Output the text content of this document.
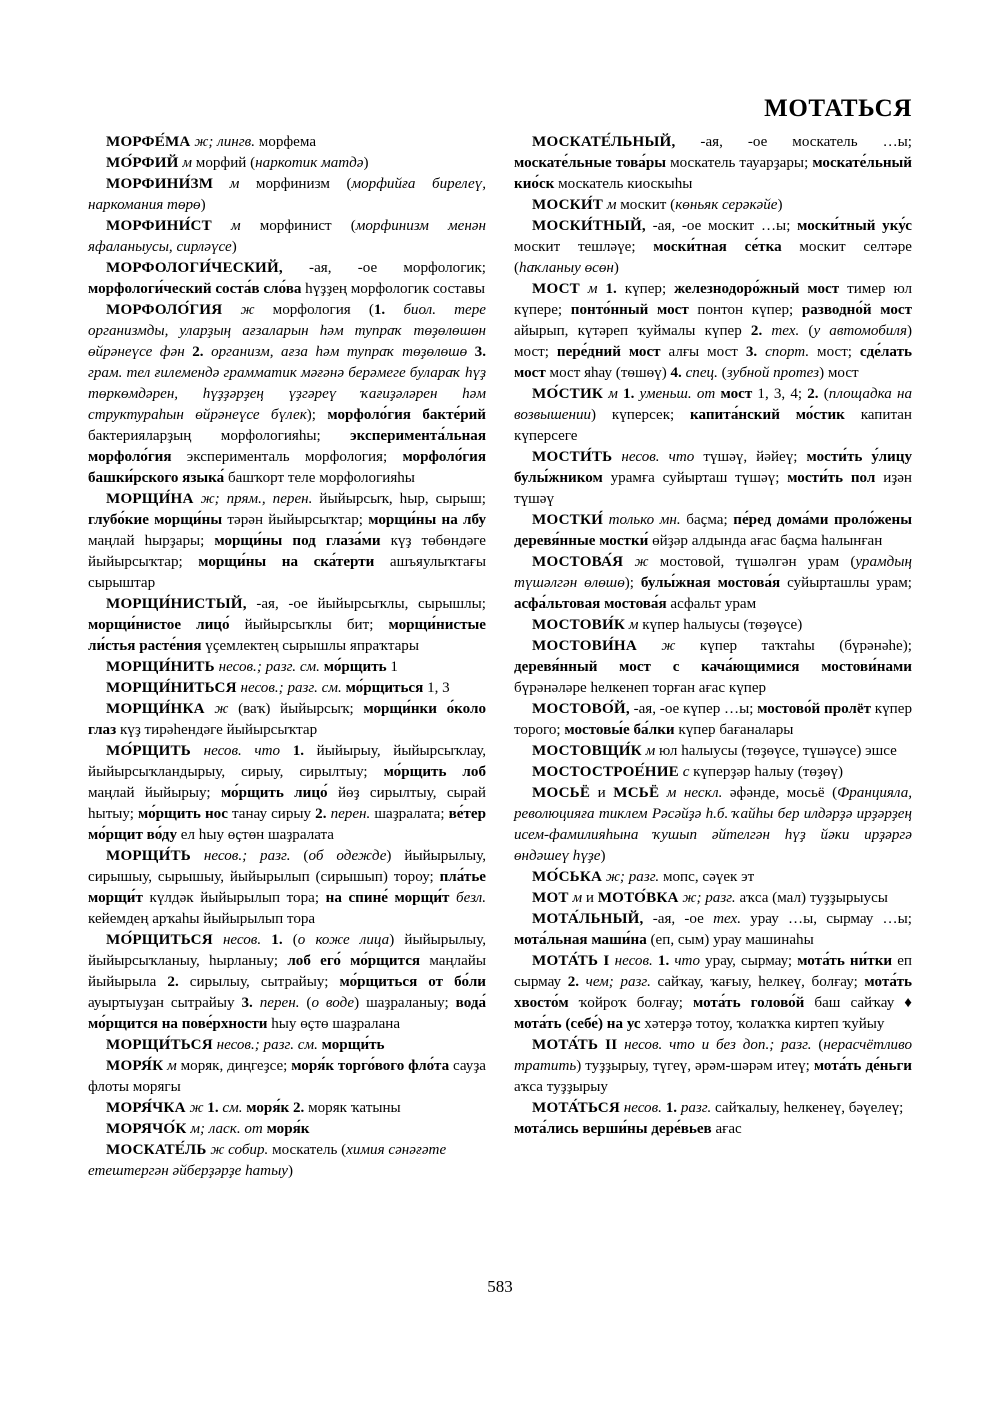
МОТАТЬСЯ

МОРФЕ́МА ж; лингв. морфема

МО́РФИЙ м морфий (наркотик матдә)

МОРФИНИ́ЗМ м морфинизм (морфийға бирелеү, наркомания төрө)

МОРФИНИ́СТ м морфинист (морфинизм менән яфаланыусы, сирләүсе)

МОРФОЛОГИ́ЧЕСКИЙ, -ая, -ое морфологик; морфологи́ческий соста́в сло́ва һүҙҙең морфологик составы

МОРФОЛО́ГИЯ ж морфология (1. биол. тере организмды, уларҙың ағзаларын һәм тупраҡ төҙөлөшөн өйрәнеүсе фән 2. организм, ағза һәм тупраҡ төҙөлөшө 3. грам. тел ғилемендә грамматик мәғәнә берәмеге булараҡ һүҙ төркөмдәрен, һүҙҙәрҙең үҙгәреү ҡағиҙәләрен һәм структураһын өйрәнеүсе бүлек); морфоло́гия бакте́рий бактерияларҙың морфологияһы; эксперимента́льная морфоло́гия эксперименталь морфология; морфоло́гия башки́рского языка́ башҡорт теле морфологияһы

МОРЩИ́НА ж; прям., перен. йыйырсыҡ, һыр, сырыш; глубо́кие морщи́ны тәрән йыйырсыҡтар; морщи́ны на лбу маңлай һырҙары; морщи́ны под глаза́ми күҙ төбөндәге йыйырсыҡтар; морщи́ны на ска́терти ашъяулыҡтағы сырыштар

МОРЩИ́НИСТЫЙ, -ая, -ое йыйырсыҡлы, сырышлы; морщи́нистое лицо́ йыйырсыҡлы бит; морщи́нистые ли́стья расте́ния үҫемлектең сырышлы япраҡтары

МОРЩИ́НИТЬ несов.; разг. см. мо́рщить 1

МОРЩИ́НИТЬСЯ несов.; разг. см. мо́рщиться 1, 3

МОРЩИ́НКА ж (ваҡ) йыйырсыҡ; морщи́нки о́коло глаз күҙ тирәһендәге йыйырсыҡтар

МО́РЩИТЬ несов. что 1. йыйырыу, йыйырсыҡлау, йыйырсыҡландырыу, сирыу, сирылтыу; мо́рщить лоб маңлай йыйырыу; мо́рщить лицо́ йөҙ сирылтыу, сырай һытыу; мо́рщить нос танау сирыу 2. перен. шаҙралата; ве́тер мо́рщит во́ду ел һыу өҫтөн шаҙралата

МОРЩИ́ТЬ несов.; разг. (об одежде) йыйырылыу, сирышыу, сырышыу, йыйырылып (сирышып) тороу; пла́тье морщи́т күлдәк йыйырылып тора; на спине́ морщи́т безл. кейемдең арҡаһы йыйырылып тора

МО́РЩИТЬСЯ несов. 1. (о коже лица) йыйырылыу, йыйырсыҡланыу, һырланыу; лоб его́ мо́рщится маңлайы йыйырыла 2. сирылыу, сытрайыу; мо́рщиться от бо́ли ауыртыуҙан сытрайыу 3. перен. (о воде) шаҙраланыу; вода́ мо́рщится на пове́рхности һыу өҫтө шаҙралана

МОРЩИ́ТЬСЯ несов.; разг. см. морщи́ть

МОРЯ́К м моряк, диңгеҙсе; моря́к торго́вого фло́та сауҙа флоты морягы

МОРЯ́ЧКА ж 1. см. моря́к 2. моряк ҡатыны

МОРЯЧО́К м; ласк. от моря́к

МОСКАТЕ́ЛЬ ж собир. москатель (химия сәнәғәте етештергән әйберҙәрҙе һатыу)

МОСКАТЕ́ЛЬНЫЙ, -ая, -ое москатель …ы; москате́льные това́ры москатель тауарҙары; москате́льный кио́ск москатель киоскыһы

МОСКИ́Т м москит (көньяк серәкәйе)

МОСКИ́ТНЫЙ, -ая, -ое москит …ы; моски́тный уку́с москит тешләүе; моски́тная се́тка москит селтәре (һаҡланыу өсөн)

МОСТ м 1. күпер; железнодоро́жный мост тимер юл күпере; понто́нный мост понтон күпер; разводно́й мост айырып, күтәреп ҡуймалы күпер 2. тех. (у автомобиля) мост; пере́дний мост алғы мост 3. спорт. мост; сде́лать мост мост яһау (төшөү) 4. спец. (зубной протез) мост

МО́СТИК м 1. уменьш. от мост 1, 3, 4; 2. (площадка на возвышении) күперсек; капита́нский мо́стик капитан күперсеге

МОСТИ́ТЬ несов. что түшәү, йәйеү; мости́ть у́лицу булы́жником урамға суйырташ түшәү; мости́ть пол иҙән түшәү

МОСТКИ́ только мн. баҫма; пе́ред дома́ми проло́жены деревя́нные мостки́ өйҙәр алдында ағас баҫма һалынған

МОСТОВА́Я ж мостовой, түшәлгән урам (урамдың түшәлгән өлөшө); булы́жная мостова́я суйырташлы урам; асфа́льтовая мостова́я асфальт урам

МОСТОВИ́К м күпер һалыусы (төҙөүсе)

МОСТОВИ́НА ж күпер таҡтаһы (бүрәнәһе); деревя́нный мост с кача́ющимися мостови́нами бүрәнәләре һелкенеп торған ағас күпер

МОСТОВО́Й, -ая, -ое күпер …ы; мостово́й пролёт күпер торого; мостовы́е ба́лки күпер бағаналары

МОСТОВЩИ́К м юл һалыусы (төҙөүсе, түшәүсе) эшсе

МОСТОСТРОЕ́НИЕ с күперҙәр һалыу (төҙөү)

МОСЬЁ и МСЬЁ м нескл. әфәнде, мосьё (Францияла, революцияға тиклем Рәсәйҙә һ.б. ҡайһы бер илдәрҙә ирҙәрҙең исем-фамилияһына ҡушып әйтелгән һүҙ йәки ирҙәргә өндәшеү һүҙе)

МО́СЬКА ж; разг. мопс, сәүек эт

МОТ м и МОТО́ВКА ж; разг. аҡса (мал) туҙҙырыусы

МОТА́ЛЬНЫЙ, -ая, -ое тех. урау …ы, сырмау …ы; мота́льная маши́на (еп, сым) урау машинаһы

МОТА́ТЬ I несов. 1. что урау, сырмау; мота́ть ни́тки еп сырмау 2. чем; разг. сайҡау, ҡағыу, һелкеү, болғау; мота́ть хвосто́м ҡойроҡ болғау; мота́ть голово́й баш сайҡау ♦ мота́ть (себе́) на ус хәтерҙә тотоу, ҡолаҡҡа киртеп ҡуйыу

МОТА́ТЬ II несов. что и без доп.; разг. (нерасчётливо тратить) туҙҙырыу, түгеү, әрәм-шәрәм итеү; мота́ть де́ньги аҡса туҙҙырыу

МОТА́ТЬСЯ несов. 1. разг. сайҡалыу, һелкенеү, бәүелеү; мота́лись верши́ны дере́вьев ағас

583
